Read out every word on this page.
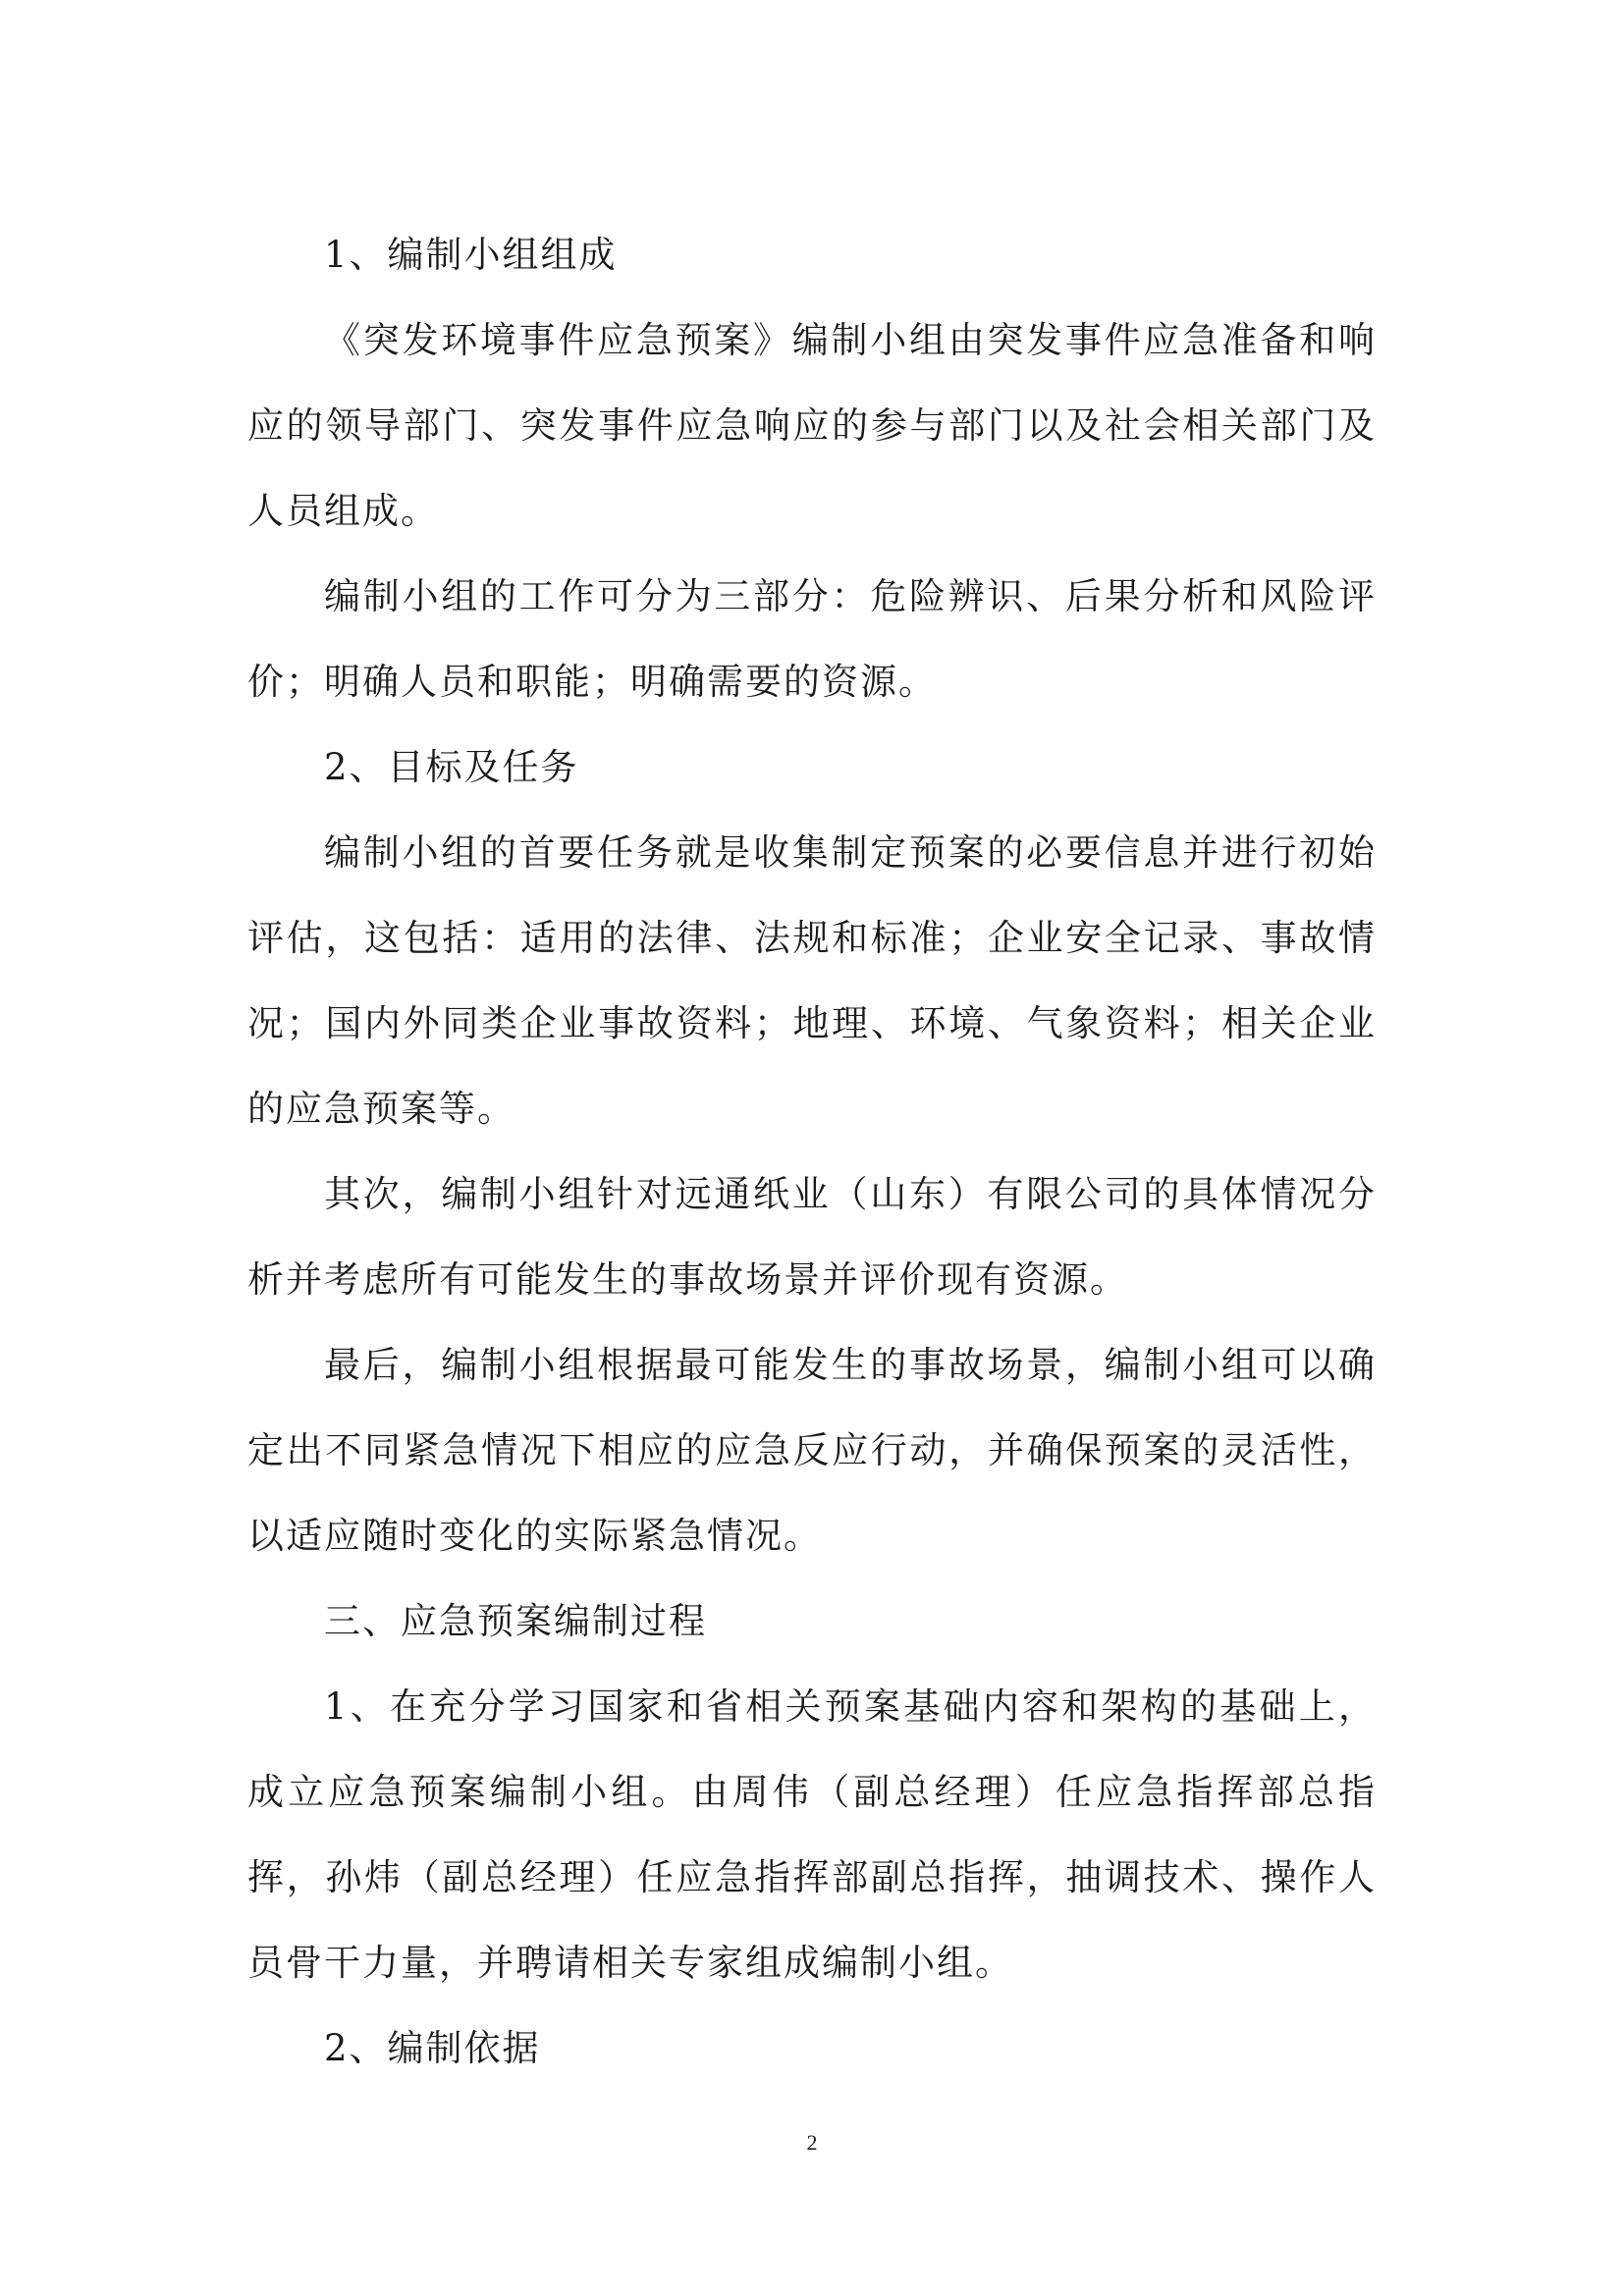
1、编制小组组成

《突发环境事件应急预案》编制小组由突发事件应急准备和响应的领导部门、突发事件应急响应的参与部门以及社会相关部门及人员组成。

编制小组的工作可分为三部分：危险辨识、后果分析和风险评价；明确人员和职能；明确需要的资源。

2、目标及任务

编制小组的首要任务就是收集制定预案的必要信息并进行初始评估，这包括：适用的法律、法规和标准；企业安全记录、事故情况；国内外同类企业事故资料；地理、环境、气象资料；相关企业的应急预案等。

其次，编制小组针对远通纸业（山东）有限公司的具体情况分析并考虑所有可能发生的事故场景并评价现有资源。

最后，编制小组根据最可能发生的事故场景，编制小组可以确定出不同紧急情况下相应的应急反应行动，并确保预案的灵活性，以适应随时变化的实际紧急情况。

三、应急预案编制过程

1、在充分学习国家和省相关预案基础内容和架构的基础上，成立应急预案编制小组。由周伟（副总经理）任应急指挥部总指挥，孙炜（副总经理）任应急指挥部副总指挥，抽调技术、操作人员骨干力量，并聘请相关专家组成编制小组。

2、编制依据

2
